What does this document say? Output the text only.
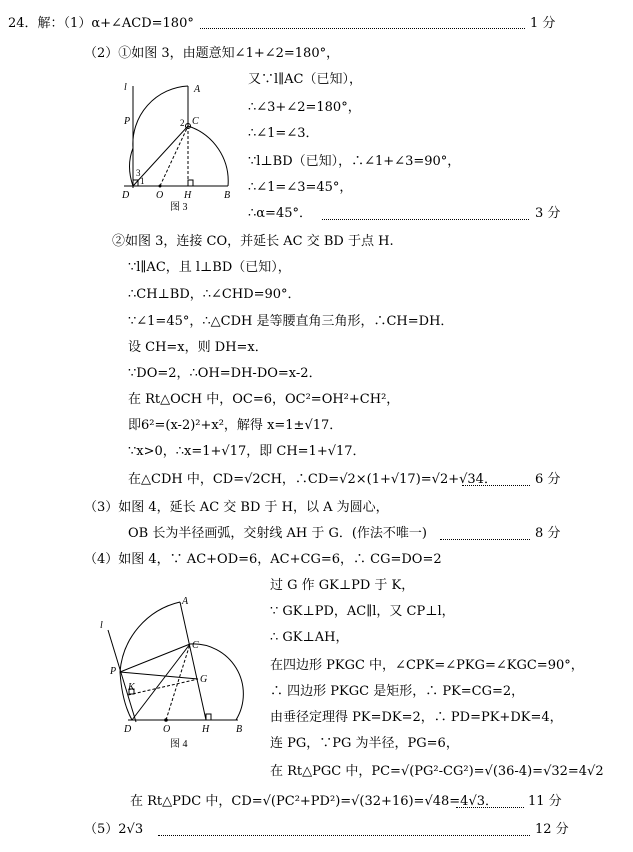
24．解：（1）α+∠ACD=180°	1 分
（2）①如图 3，由题意知∠1+∠2=180°，
又∵l∥AC（已知），
∴∠3+∠2=180°，
∴∠1=∠3．
∵l⊥BD（已知），∴∠1+∠3=90°，
∴∠1=∠3=45°，
∴α=45°．	3 分
②如图 3，连接 CO，并延长 AC 交 BD 于点 H.
∵l∥AC，且 l⊥BD（已知），
∴CH⊥BD，∴∠CHD=90°．
∵∠1=45°，∴△CDH 是等腰直角三角形，∴CH=DH．
设 CH=x，则 DH=x．
∵DO=2，∴OH=DH-DO=x-2．
在 Rt△OCH 中，OC=6，OC²=OH²+CH²，
即6²=(x-2)²+x²，解得 x=1±√17．
∵x>0，∴x=1+√17，即 CH=1+√17．
在△CDH 中，CD=√2CH，∴CD=√2×(1+√17)=√2+√34．	6 分
（3）如图 4，延长 AC 交 BD 于 H，以 A 为圆心，
OB 长为半径画弧，交射线 AH 于 G．(作法不唯一)	8 分
（4）如图 4，∵ AC+OD=6，AC+CG=6，∴ CG=DO=2
过 G 作 GK⊥PD 于 K，
∵ GK⊥PD，AC∥l，又 CP⊥l，
∴ GK⊥AH，
在四边形 PKGC 中，∠CPK=∠PKG=∠KGC=90°，
∴ 四边形 PKGC 是矩形，∴ PK=CG=2，
由垂径定理得 PK=DK=2，∴ PD=PK+DK=4，
连 PG，∵PG 为半径，PG=6，
在 Rt△PGC 中，PC=√(PG²-CG²)=√(36-4)=√32=4√2
在 Rt△PDC 中，CD=√(PC²+PD²)=√(32+16)=√48=4√3． 11 分
（5）2√3	12 分
l	A
P	C
2
3
1
D	O H	B
图 3
A
l
C
P
G
K
D	O	H	B
图 4
